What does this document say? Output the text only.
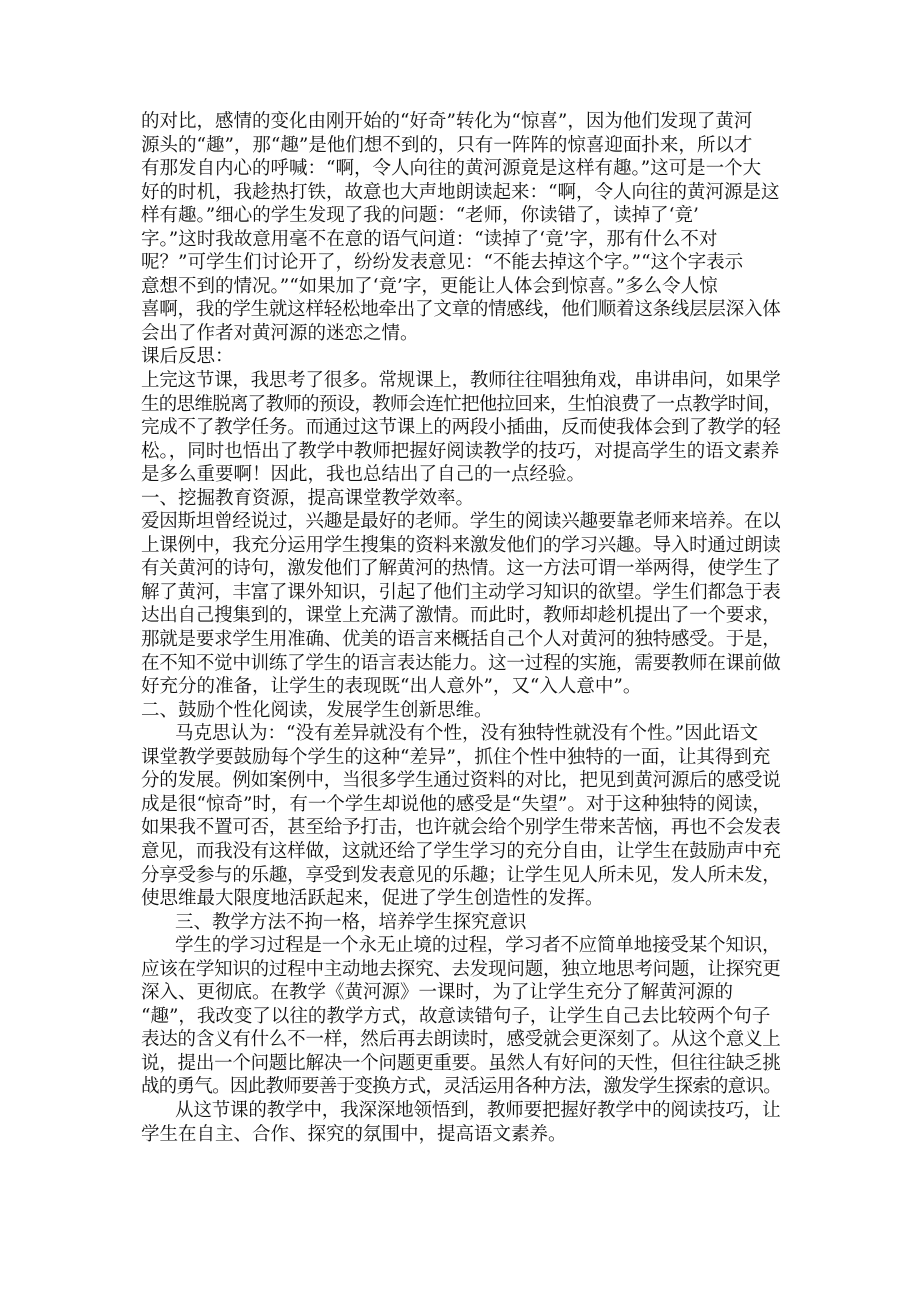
的对比，感情的变化由刚开始的“好奇”转化为“惊喜”，因为他们发现了黄河
源头的“趣”，那“趣”是他们想不到的，只有一阵阵的惊喜迎面扑来，所以才
有那发自内心的呼喊：“啊，令人向往的黄河源竟是这样有趣。”这可是一个大
好的时机，我趁热打铁，故意也大声地朗读起来：“啊，令人向往的黄河源是这
样有趣。”细心的学生发现了我的问题：“老师，你读错了，读掉了‘竟’
字。”这时我故意用毫不在意的语气问道：“读掉了‘竟’字，那有什么不对
呢？”可学生们讨论开了，纷纷发表意见：“不能去掉这个字。”“这个字表示
意想不到的情况。”“如果加了‘竟’字，更能让人体会到惊喜。”多么令人惊
喜啊，我的学生就这样轻松地牵出了文章的情感线，他们顺着这条线层层深入体
会出了作者对黄河源的迷恋之情。
课后反思：
上完这节课，我思考了很多。常规课上，教师往往唱独角戏，串讲串问，如果学
生的思维脱离了教师的预设，教师会连忙把他拉回来，生怕浪费了一点教学时间，
完成不了教学任务。而通过这节课上的两段小插曲，反而使我体会到了教学的轻
松。，同时也悟出了教学中教师把握好阅读教学的技巧，对提高学生的语文素养
是多么重要啊！因此，我也总结出了自己的一点经验。
一、挖掘教育资源，提高课堂教学效率。
爱因斯坦曾经说过，兴趣是最好的老师。学生的阅读兴趣要靠老师来培养。在以
上课例中，我充分运用学生搜集的资料来激发他们的学习兴趣。导入时通过朗读
有关黄河的诗句，激发他们了解黄河的热情。这一方法可谓一举两得，使学生了
解了黄河，丰富了课外知识，引起了他们主动学习知识的欲望。学生们都急于表
达出自己搜集到的，课堂上充满了激情。而此时，教师却趁机提出了一个要求，
那就是要求学生用准确、优美的语言来概括自己个人对黄河的独特感受。于是，
在不知不觉中训练了学生的语言表达能力。这一过程的实施，需要教师在课前做
好充分的准备，让学生的表现既“出人意外”，又“入人意中”。
二、鼓励个性化阅读，发展学生创新思维。
马克思认为：“没有差异就没有个性，没有独特性就没有个性。”因此语文
课堂教学要鼓励每个学生的这种“差异”，抓住个性中独特的一面，让其得到充
分的发展。例如案例中，当很多学生通过资料的对比，把见到黄河源后的感受说
成是很“惊奇”时，有一个学生却说他的感受是“失望”。对于这种独特的阅读，
如果我不置可否，甚至给予打击，也许就会给个别学生带来苦恼，再也不会发表
意见，而我没有这样做，这就还给了学生学习的充分自由，让学生在鼓励声中充
分享受参与的乐趣，享受到发表意见的乐趣；让学生见人所未见，发人所未发，
使思维最大限度地活跃起来，促进了学生创造性的发挥。
三、教学方法不拘一格，培养学生探究意识
学生的学习过程是一个永无止境的过程，学习者不应简单地接受某个知识，
应该在学知识的过程中主动地去探究、去发现问题，独立地思考问题，让探究更
深入、更彻底。在教学《黄河源》一课时，为了让学生充分了解黄河源的
“趣”，我改变了以往的教学方式，故意读错句子，让学生自己去比较两个句子
表达的含义有什么不一样，然后再去朗读时，感受就会更深刻了。从这个意义上
说，提出一个问题比解决一个问题更重要。虽然人有好问的天性，但往往缺乏挑
战的勇气。因此教师要善于变换方式，灵活运用各种方法，激发学生探索的意识。
从这节课的教学中，我深深地领悟到，教师要把握好教学中的阅读技巧，让
学生在自主、合作、探究的氛围中，提高语文素养。
